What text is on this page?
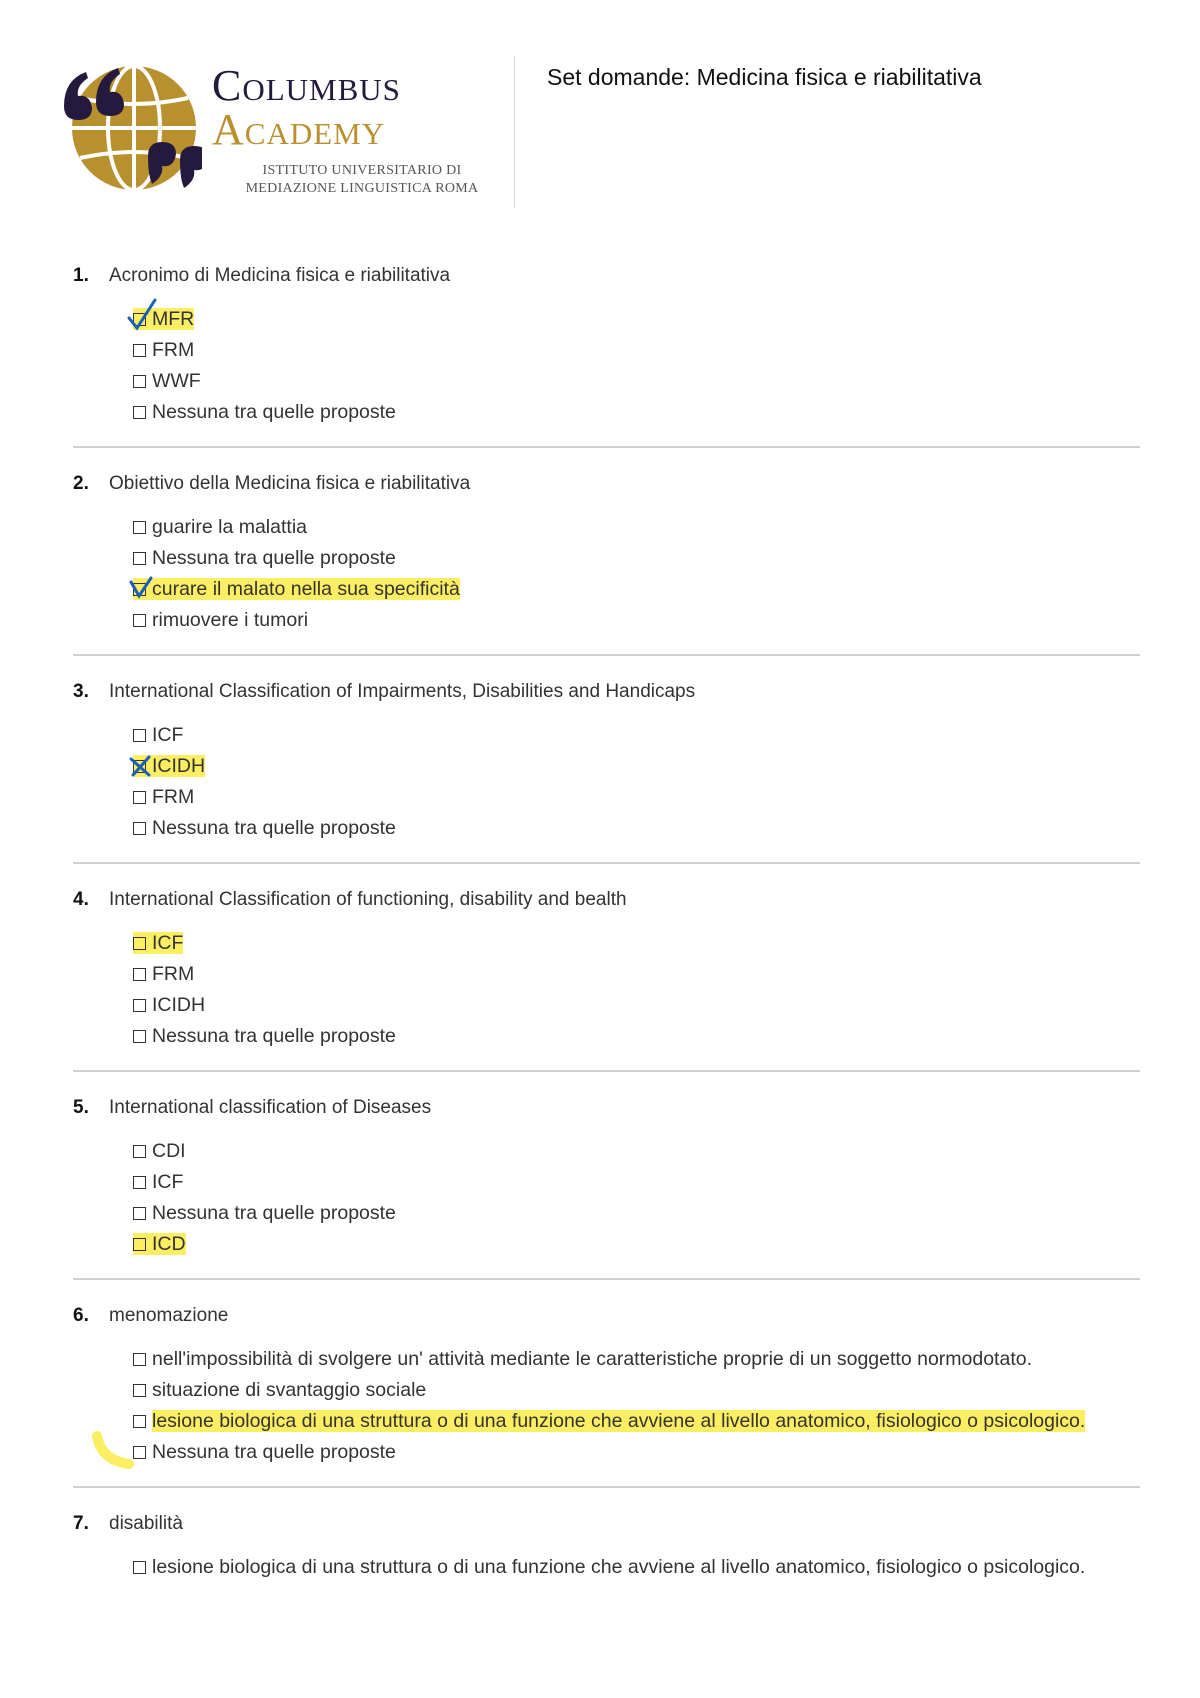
Columbus
Academy
ISTITUTO UNIVERSITARIO DI
MEDIAZIONE LINGUISTICA ROMA
Set domande: Medicina fisica e riabilitativa
1.	Acronimo di Medicina fisica e riabilitativa
MFR
FRM
WWF
Nessuna tra quelle proposte
2.	Obiettivo della Medicina fisica e riabilitativa
guarire la malattia
Nessuna tra quelle proposte
curare il malato nella sua specificità
rimuovere i tumori
3.	International Classification of Impairments, Disabilities and Handicaps
ICF
ICIDH
FRM
Nessuna tra quelle proposte
4.	International Classification of functioning, disability and bealth
ICF
FRM
ICIDH
Nessuna tra quelle proposte
5.	International classification of Diseases
CDI
ICF
Nessuna tra quelle proposte
ICD
6.	menomazione
nell'impossibilità di svolgere un' attività mediante le caratteristiche proprie di un soggetto normodotato.
situazione di svantaggio sociale
lesione biologica di una struttura o di una funzione che avviene al livello anatomico, fisiologico o psicologico.
Nessuna tra quelle proposte
7.	disabilità
lesione biologica di una struttura o di una funzione che avviene al livello anatomico, fisiologico o psicologico.
